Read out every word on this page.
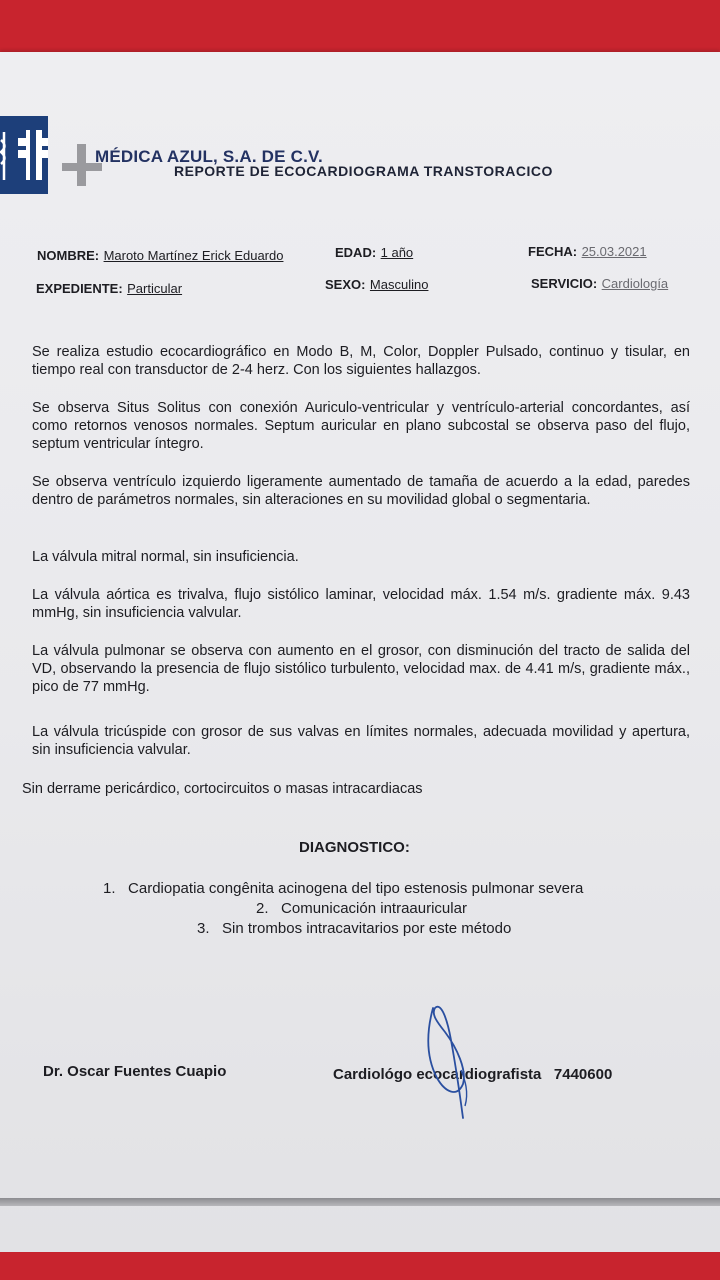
MÉDICA AZUL, S.A. DE C.V.
REPORTE DE ECOCARDIOGRAMA TRANSTORACICO
NOMBRE: Maroto Martínez Erick Eduardo	EDAD: 1 año	FECHA: 25.03.2021
EXPEDIENTE: Particular	SEXO: Masculino	SERVICIO: Cardiología
Se realiza estudio ecocardiográfico en Modo B, M, Color, Doppler Pulsado, continuo y tisular, en tiempo real con transductor de 2-4 herz. Con los siguientes hallazgos.
Se observa Situs Solitus con conexión Auriculo-ventricular y ventrículo-arterial concordantes, así como retornos venosos normales. Septum auricular en plano subcostal se observa paso del flujo, septum ventricular íntegro.
Se observa ventrículo izquierdo ligeramente aumentado de tamaña de acuerdo a la edad, paredes dentro de parámetros normales, sin alteraciones en su movilidad global o segmentaria.
La válvula mitral normal, sin insuficiencia.
La válvula aórtica es trivalva, flujo sistólico laminar, velocidad máx. 1.54 m/s. gradiente máx. 9.43 mmHg, sin insuficiencia valvular.
La válvula pulmonar se observa con aumento en el grosor, con disminución del tracto de salida del VD, observando la presencia de flujo sistólico turbulento, velocidad max. de 4.41 m/s, gradiente máx., pico de 77 mmHg.
La válvula tricúspide con grosor de sus valvas en límites normales, adecuada movilidad y apertura, sin insuficiencia valvular.
Sin derrame pericárdico, cortocircuitos o masas intracardiacas
DIAGNOSTICO:
1. Cardiopatia congênita acinogena del tipo estenosis pulmonar severa
2. Comunicación intraauricular
3. Sin trombos intracavitarios por este método
Dr. Oscar Fuentes Cuapio	Cardiológo ecocardiografista 7440600
